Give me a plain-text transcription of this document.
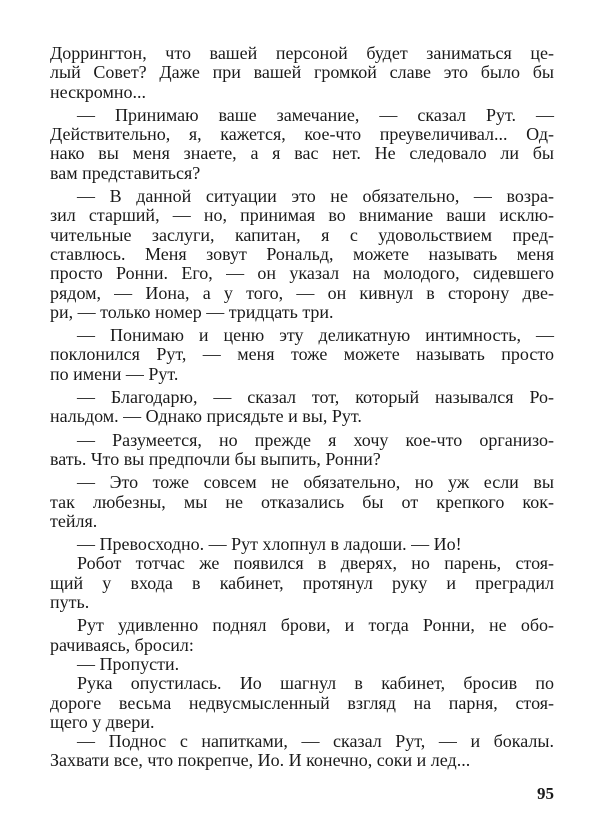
Доррингтон, что вашей персоной будет заниматься це-
лый Совет? Даже при вашей громкой славе это было бы
нескромно...
— Принимаю ваше замечание, — сказал Рут. —
Действительно, я, кажется, кое-что преувеличивал... Од-
нако вы меня знаете, а я вас нет. Не следовало ли бы
вам представиться?
— В данной ситуации это не обязательно, — возра-
зил старший, — но, принимая во внимание ваши исклю-
чительные заслуги, капитан, я с удовольствием пред-
ставлюсь. Меня зовут Рональд, можете называть меня
просто Ронни. Его, — он указал на молодого, сидевшего
рядом, — Иона, а у того, — он кивнул в сторону две-
ри, — только номер — тридцать три.
— Понимаю и ценю эту деликатную интимность, —
поклонился Рут, — меня тоже можете называть просто
по имени — Рут.
— Благодарю, — сказал тот, который назывался Ро-
нальдом. — Однако присядьте и вы, Рут.
— Разумеется, но прежде я хочу кое-что организо-
вать. Что вы предпочли бы выпить, Ронни?
— Это тоже совсем не обязательно, но уж если вы
так любезны, мы не отказались бы от крепкого кок-
тейля.
— Превосходно. — Рут хлопнул в ладоши. — Ио!
Робот тотчас же появился в дверях, но парень, стоя-
щий у входа в кабинет, протянул руку и преградил
путь.
Рут удивленно поднял брови, и тогда Ронни, не обо-
рачиваясь, бросил:
— Пропусти.
Рука опустилась. Ио шагнул в кабинет, бросив по
дороге весьма недвусмысленный взгляд на парня, стоя-
щего у двери.
— Поднос с напитками, — сказал Рут, — и бокалы.
Захвати все, что покрепче, Ио. И конечно, соки и лед...
95
